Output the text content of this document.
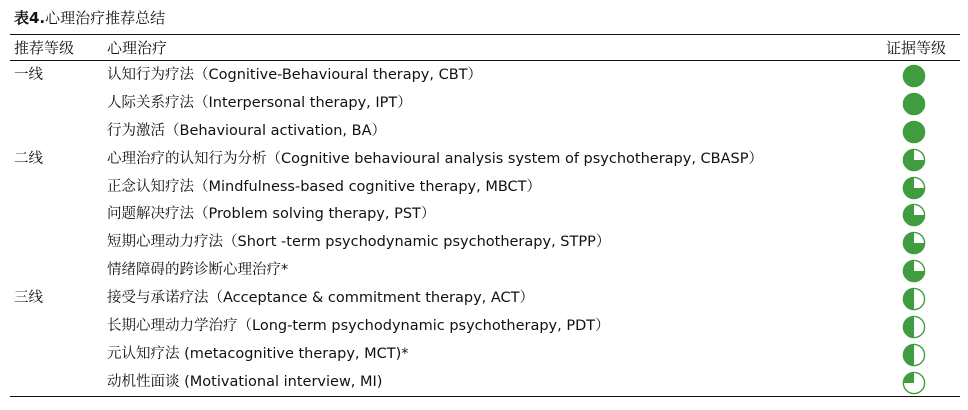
表4.心理治疗推荐总结
推荐等级 心理治疗	证据等级
一线	认知行为疗法（Cognitive-Behavioural therapy, CBT）
人际关系疗法（Interpersonal therapy, IPT）
行为激活（Behavioural activation, BA）
二线	心理治疗的认知行为分析（Cognitive behavioural analysis system of psychotherapy, CBASP）
正念认知疗法（Mindfulness-based cognitive therapy, MBCT）
问题解决疗法（Problem solving therapy, PST）
短期心理动力疗法（Short -term psychodynamic psychotherapy, STPP）
情绪障碍的跨诊断心理治疗*
三线	接受与承诺疗法（Acceptance & commitment therapy, ACT）
长期心理动力学治疗（Long-term psychodynamic psychotherapy, PDT）
元认知疗法 (metacognitive therapy, MCT)*
动机性面谈 (Motivational interview, MI)
